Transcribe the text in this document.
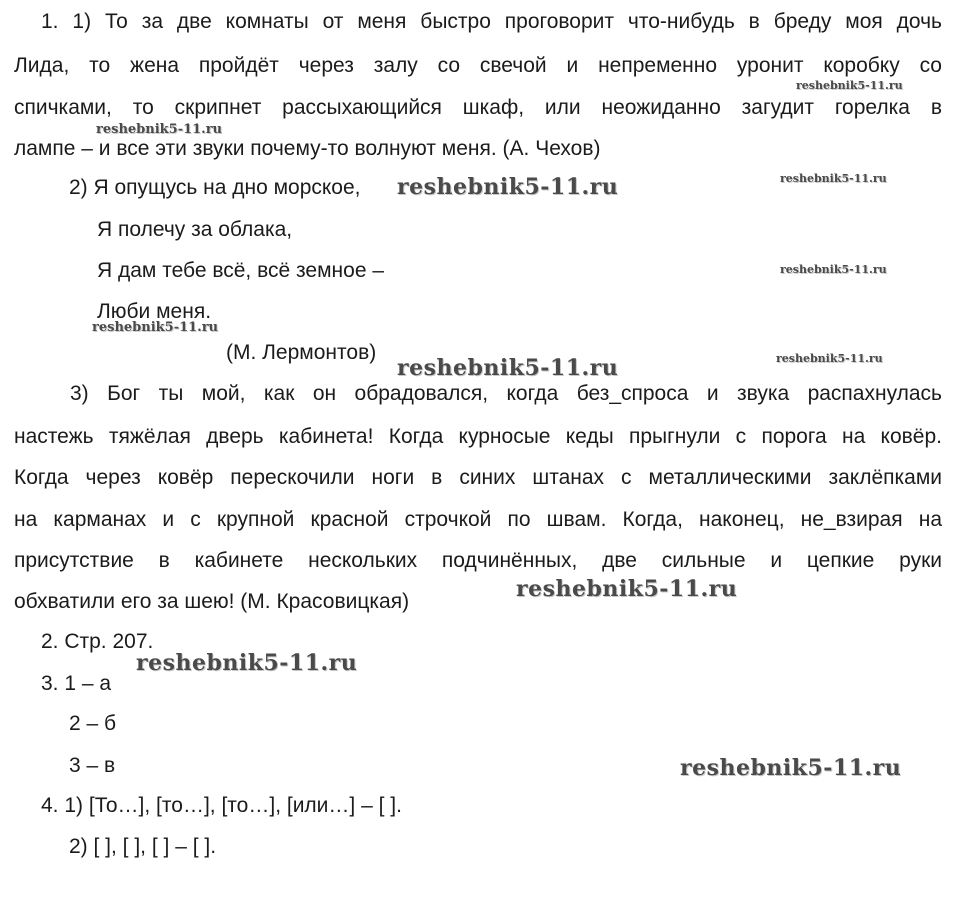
1. 1) То за две комнаты от меня быстро проговорит что-нибудь в бреду моя дочь

Лида, то жена пройдёт через залу со свечой и непременно уронит коробку со

спичками, то скрипнет рассыхающийся шкаф, или неожиданно загудит горелка в

лампе – и все эти звуки почему-то волнуют меня. (А. Чехов)

2) Я опущусь на дно морское,

Я полечу за облака,

Я дам тебе всё, всё земное –

Люби меня.

(М. Лермонтов)

3) Бог ты мой, как он обрадовался, когда без_спроса и звука распахнулась

настежь тяжёлая дверь кабинета! Когда курносые кеды прыгнули с порога на ковёр.

Когда через ковёр перескочили ноги в синих штанах с металлическими заклёпками

на карманах и с крупной красной строчкой по швам. Когда, наконец, не_взирая на

присутствие в кабинете нескольких подчинённых, две сильные и цепкие руки

обхватили его за шею! (М. Красовицкая)

2. Стр. 207.

3. 1 – а

2 – б

3 – в

4. 1) [То…], [то…], [то…], [или…] – [ ].

2) [ ], [ ], [ ] – [ ].

reshebnik5-11.ru

reshebnik5-11.ru

reshebnik5-11.ru	reshebnik5-11.ru

reshebnik5-11.ru

reshebnik5-11.ru

reshebnik5-11.ru	reshebnik5-11.ru

reshebnik5-11.ru

reshebnik5-11.ru

reshebnik5-11.ru
